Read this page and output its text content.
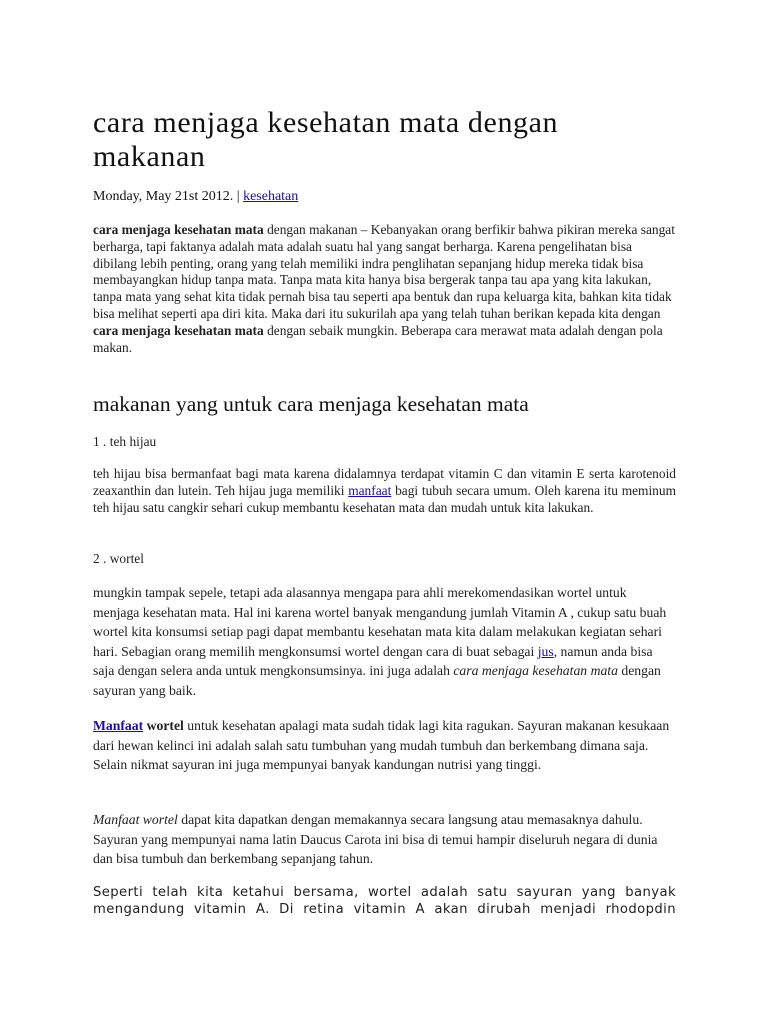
cara menjaga kesehatan mata dengan makanan
Monday, May 21st 2012. | kesehatan

cara menjaga kesehatan mata dengan makanan – Kebanyakan orang berfikir bahwa pikiran mereka sangat berharga, tapi faktanya adalah mata adalah suatu hal yang sangat berharga. Karena pengelihatan bisa dibilang lebih penting, orang yang telah memiliki indra penglihatan sepanjang hidup mereka tidak bisa membayangkan hidup tanpa mata. Tanpa mata kita hanya bisa bergerak tanpa tau apa yang kita lakukan, tanpa mata yang sehat kita tidak pernah bisa tau seperti apa bentuk dan rupa keluarga kita, bahkan kita tidak bisa melihat seperti apa diri kita. Maka dari itu sukurilah apa yang telah tuhan berikan kepada kita dengan cara menjaga kesehatan mata dengan sebaik mungkin. Beberapa cara merawat mata adalah dengan pola makan.

makanan yang untuk cara menjaga kesehatan mata
1 . teh hijau

teh hijau bisa bermanfaat bagi mata karena didalamnya terdapat vitamin C dan vitamin E serta karotenoid zeaxanthin dan lutein. Teh hijau juga memiliki manfaat bagi tubuh secara umum. Oleh karena itu meminum teh hijau satu cangkir sehari cukup membantu kesehatan mata dan mudah untuk kita lakukan.

2 . wortel

mungkin tampak sepele, tetapi ada alasannya mengapa para ahli merekomendasikan wortel untuk menjaga kesehatan mata. Hal ini karena wortel banyak mengandung jumlah Vitamin A , cukup satu buah wortel kita konsumsi setiap pagi dapat membantu kesehatan mata kita dalam melakukan kegiatan sehari hari. Sebagian orang memilih mengkonsumsi wortel dengan cara di buat sebagai jus, namun anda bisa saja dengan selera anda untuk mengkonsumsinya. ini juga adalah cara menjaga kesehatan mata dengan sayuran yang baik.

Manfaat wortel untuk kesehatan apalagi mata sudah tidak lagi kita ragukan. Sayuran makanan kesukaan dari hewan kelinci ini adalah salah satu tumbuhan yang mudah tumbuh dan berkembang dimana saja. Selain nikmat sayuran ini juga mempunyai banyak kandungan nutrisi yang tinggi.

Manfaat wortel dapat kita dapatkan dengan memakannya secara langsung atau memasaknya dahulu. Sayuran yang mempunyai nama latin Daucus Carota ini bisa di temui hampir diseluruh negara di dunia dan bisa tumbuh dan berkembang sepanjang tahun.

Seperti telah kita ketahui bersama, wortel adalah satu sayuran yang banyak mengandung vitamin A. Di retina vitamin A akan dirubah menjadi rhodopdin
